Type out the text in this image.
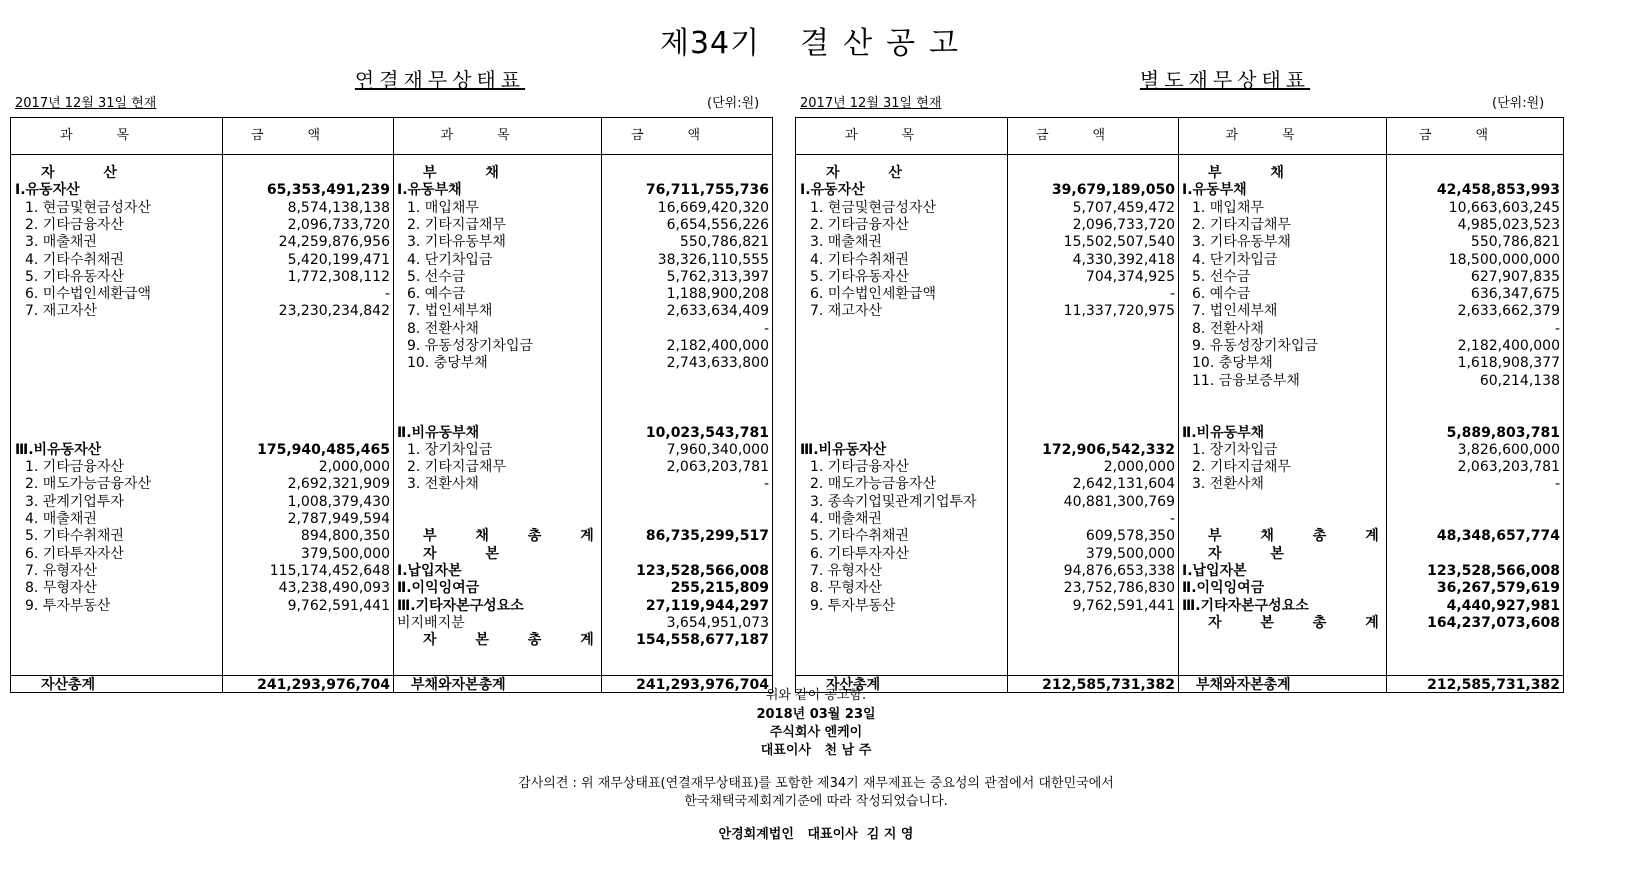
제34기 결산공고
연결재무상태표
2017년 12월 31일 현재	(단위:원)
별도재무상태표
2017년 12월 31일 현재	(단위:원)
과목	금액	과목	금액
자 산
Ⅰ.유동자산	65,353,491,239
1. 현금및현금성자산	8,574,138,138
2. 기타금융자산	2,096,733,720
3. 매출채권	24,259,876,956
4. 기타수취채권	5,420,199,471
5. 기타유동자산	1,772,308,112
6. 미수법인세환급액	-
7. 재고자산	23,230,234,842
Ⅲ.비유동자산	175,940,485,465
1. 기타금융자산	2,000,000
2. 매도가능금융자산	2,692,321,909
3. 관계기업투자	1,008,379,430
4. 매출채권	2,787,949,594
5. 기타수취채권	894,800,350
6. 기타투자자산	379,500,000
7. 유형자산	115,174,452,648
8. 무형자산	43,238,490,093
9. 투자부동산	9,762,591,441
부 채
Ⅰ.유동부채	76,711,755,736
1. 매입채무	16,669,420,320
2. 기타지급채무	6,654,556,226
3. 기타유동부채	550,786,821
4. 단기차입금	38,326,110,555
5. 선수금	5,762,313,397
6. 예수금	1,188,900,208
7. 법인세부채	2,633,634,409
8. 전환사채	-
9. 유동성장기차입금	2,182,400,000
10. 충당부채	2,743,633,800
Ⅱ.비유동부채	10,023,543,781
1. 장기차입금	7,960,340,000
2. 기타지급채무	2,063,203,781
3. 전환사채	-
부 채 총 계	86,735,299,517
자 본
Ⅰ.납입자본	123,528,566,008
Ⅱ.이익잉여금	255,215,809
Ⅲ.기타자본구성요소	27,119,944,297
비지배지분	3,654,951,073
자 본 총 계	154,558,677,187
자산총계	241,293,976,704 부채와자본총계	241,293,976,704
과목	금액	과목	금액
자 산
Ⅰ.유동자산	39,679,189,050
1. 현금및현금성자산	5,707,459,472
2. 기타금융자산	2,096,733,720
3. 매출채권	15,502,507,540
4. 기타수취채권	4,330,392,418
5. 기타유동자산	704,374,925
6. 미수법인세환급액	-
7. 재고자산	11,337,720,975
Ⅲ.비유동자산	172,906,542,332
1. 기타금융자산	2,000,000
2. 매도가능금융자산	2,642,131,604
3. 종속기업및관계기업투자	40,881,300,769
4. 매출채권	-
5. 기타수취채권	609,578,350
6. 기타투자자산	379,500,000
7. 유형자산	94,876,653,338
8. 무형자산	23,752,786,830
9. 투자부동산	9,762,591,441
부 채
Ⅰ.유동부채	42,458,853,993
1. 매입채무	10,663,603,245
2. 기타지급채무	4,985,023,523
3. 기타유동부채	550,786,821
4. 단기차입금	18,500,000,000
5. 선수금	627,907,835
6. 예수금	636,347,675
7. 법인세부채	2,633,662,379
8. 전환사채	-
9. 유동성장기차입금	2,182,400,000
10. 충당부채	1,618,908,377
11. 금융보증부채	60,214,138
Ⅱ.비유동부채	5,889,803,781
1. 장기차입금	3,826,600,000
2. 기타지급채무	2,063,203,781
3. 전환사채	-
부 채 총 계	48,348,657,774
자 본
Ⅰ.납입자본	123,528,566,008
Ⅱ.이익잉여금	36,267,579,619
Ⅲ.기타자본구성요소	4,440,927,981
자 본 총 계	164,237,073,608
자산총계	212,585,731,382 부채와자본총계	212,585,731,382
위와 같이 공고함.
2018년 03월 23일
주식회사 엔케이
대표이사   천 남 주
감사의견 : 위 재무상태표(연결재무상태표)를 포함한 제34기 재무제표는 중요성의 관점에서 대한민국에서
한국채택국제회계기준에 따라 작성되었습니다.
안경회계법인   대표이사  김 지 영
